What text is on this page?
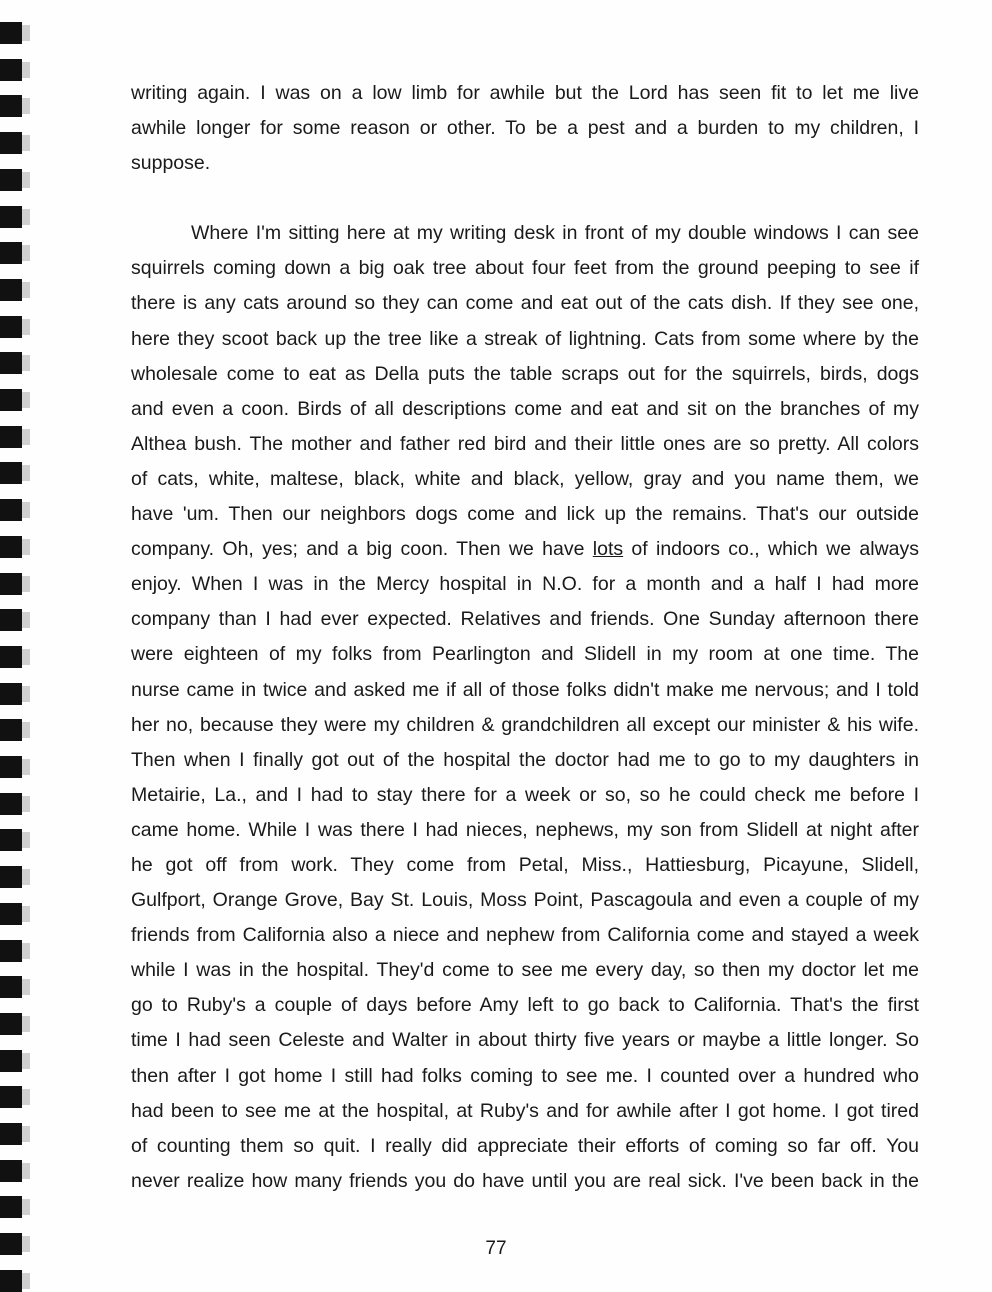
writing again. I was on a low limb for awhile but the Lord has seen fit to let me live
awhile longer for some reason or other. To be a pest and a burden to my children, I
suppose.
Where I'm sitting here at my writing desk in front of my double windows I can see
squirrels coming down a big oak tree about four feet from the ground peeping to see if
there is any cats around so they can come and eat out of the cats dish. If they see one,
here they scoot back up the tree like a streak of lightning. Cats from some where by the
wholesale come to eat as Della puts the table scraps out for the squirrels, birds, dogs
and even a coon. Birds of all descriptions come and eat and sit on the branches of my
Althea bush. The mother and father red bird and their little ones are so pretty. All colors
of cats, white, maltese, black, white and black, yellow, gray and you name them, we
have 'um. Then our neighbors dogs come and lick up the remains. That's our outside
company. Oh, yes; and a big coon. Then we have lots of indoors co., which we always
enjoy. When I was in the Mercy hospital in N.O. for a month and a half I had more
company than I had ever expected. Relatives and friends. One Sunday afternoon there
were eighteen of my folks from Pearlington and Slidell in my room at one time. The
nurse came in twice and asked me if all of those folks didn't make me nervous; and I told
her no, because they were my children & grandchildren all except our minister & his wife.
Then when I finally got out of the hospital the doctor had me to go to my daughters in
Metairie, La., and I had to stay there for a week or so, so he could check me before I
came home. While I was there I had nieces, nephews, my son from Slidell at night after
he got off from work. They come from Petal, Miss., Hattiesburg, Picayune, Slidell,
Gulfport, Orange Grove, Bay St. Louis, Moss Point, Pascagoula and even a couple of my
friends from California also a niece and nephew from California come and stayed a week
while I was in the hospital. They'd come to see me every day, so then my doctor let me
go to Ruby's a couple of days before Amy left to go back to California. That's the first
time I had seen Celeste and Walter in about thirty five years or maybe a little longer. So
then after I got home I still had folks coming to see me. I counted over a hundred who
had been to see me at the hospital, at Ruby's and for awhile after I got home. I got tired
of counting them so quit. I really did appreciate their efforts of coming so far off. You
never realize how many friends you do have until you are real sick. I've been back in the
77
